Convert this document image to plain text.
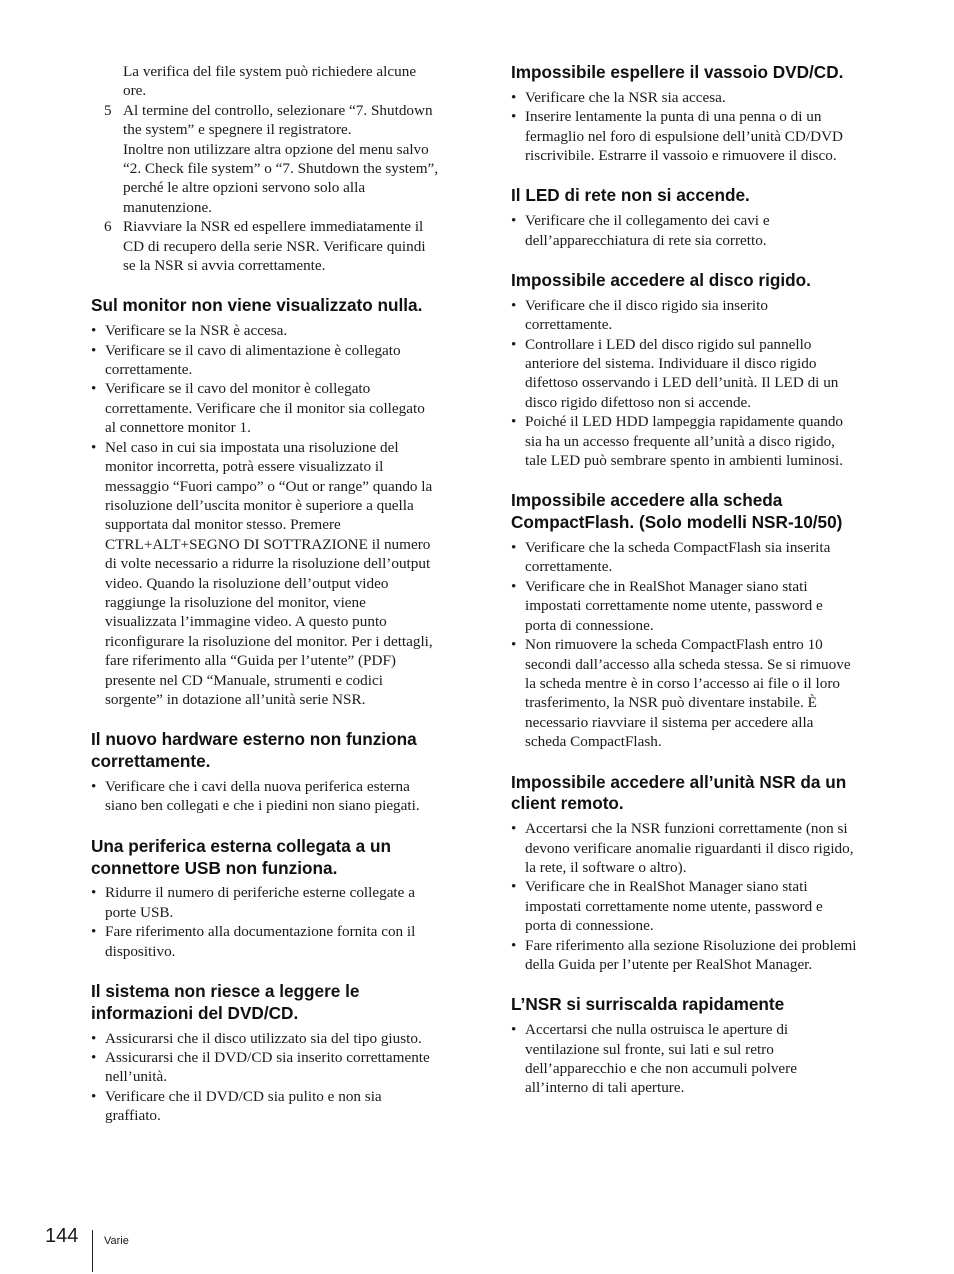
La verifica del file system può richiedere alcune
ore.

5 Al termine del controllo, selezionare “7. Shutdown
the system” e spegnere il registratore.
Inoltre non utilizzare altra opzione del menu salvo
“2. Check file system” o “7. Shutdown the system”,
perché le altre opzioni servono solo alla
manutenzione.

6 Riavviare la NSR ed espellere immediatamente il
CD di recupero della serie NSR. Verificare quindi
se la NSR si avvia correttamente.

Sul monitor non viene visualizzato nulla.
• Verificare se la NSR è accesa.
• Verificare se il cavo di alimentazione è collegato
correttamente.
• Verificare se il cavo del monitor è collegato
correttamente. Verificare che il monitor sia collegato
al connettore monitor 1.
• Nel caso in cui sia impostata una risoluzione del
monitor incorretta, potrà essere visualizzato il
messaggio “Fuori campo” o “Out or range” quando la
risoluzione dell’uscita monitor è superiore a quella
supportata dal monitor stesso. Premere
CTRL+ALT+SEGNO DI SOTTRAZIONE il numero
di volte necessario a ridurre la risoluzione dell’output
video. Quando la risoluzione dell’output video
raggiunge la risoluzione del monitor, viene
visualizzata l’immagine video. A questo punto
riconfigurare la risoluzione del monitor. Per i dettagli,
fare riferimento alla “Guida per l’utente” (PDF)
presente nel CD “Manuale, strumenti e codici
sorgente” in dotazione all’unità serie NSR.
Il nuovo hardware esterno non funziona
correttamente.
• Verificare che i cavi della nuova periferica esterna
siano ben collegati e che i piedini non siano piegati.
Una periferica esterna collegata a un
connettore USB non funziona.
• Ridurre il numero di periferiche esterne collegate a
porte USB.
• Fare riferimento alla documentazione fornita con il
dispositivo.
Il sistema non riesce a leggere le
informazioni del DVD/CD.
• Assicurarsi che il disco utilizzato sia del tipo giusto.
• Assicurarsi che il DVD/CD sia inserito correttamente
nell’unità.
• Verificare che il DVD/CD sia pulito e non sia
graffiato.
Impossibile espellere il vassoio DVD/CD.
• Verificare che la NSR sia accesa.
• Inserire lentamente la punta di una penna o di un
fermaglio nel foro di espulsione dell’unità CD/DVD
riscrivibile. Estrarre il vassoio e rimuovere il disco.
Il LED di rete non si accende.
• Verificare che il collegamento dei cavi e
dell’apparecchiatura di rete sia corretto.
Impossibile accedere al disco rigido.
• Verificare che il disco rigido sia inserito
correttamente.
• Controllare i LED del disco rigido sul pannello
anteriore del sistema. Individuare il disco rigido
difettoso osservando i LED dell’unità. Il LED di un
disco rigido difettoso non si accende.
• Poiché il LED HDD lampeggia rapidamente quando
sia ha un accesso frequente all’unità a disco rigido,
tale LED può sembrare spento in ambienti luminosi.
Impossibile accedere alla scheda
CompactFlash. (Solo modelli NSR-10/50)
• Verificare che la scheda CompactFlash sia inserita
correttamente.
• Verificare che in RealShot Manager siano stati
impostati correttamente nome utente, password e
porta di connessione.
• Non rimuovere la scheda CompactFlash entro 10
secondi dall’accesso alla scheda stessa. Se si rimuove
la scheda mentre è in corso l’accesso ai file o il loro
trasferimento, la NSR può diventare instabile. È
necessario riavviare il sistema per accedere alla
scheda CompactFlash.
Impossibile accedere all’unità NSR da un
client remoto.
• Accertarsi che la NSR funzioni correttamente (non si
devono verificare anomalie riguardanti il disco rigido,
la rete, il software o altro).
• Verificare che in RealShot Manager siano stati
impostati correttamente nome utente, password e
porta di connessione.
• Fare riferimento alla sezione Risoluzione dei problemi
della Guida per l’utente per RealShot Manager.
L’NSR si surriscalda rapidamente
• Accertarsi che nulla ostruisca le aperture di
ventilazione sul fronte, sui lati e sul retro
dell’apparecchio e che non accumuli polvere
all’interno di tali aperture.
144 Varie
